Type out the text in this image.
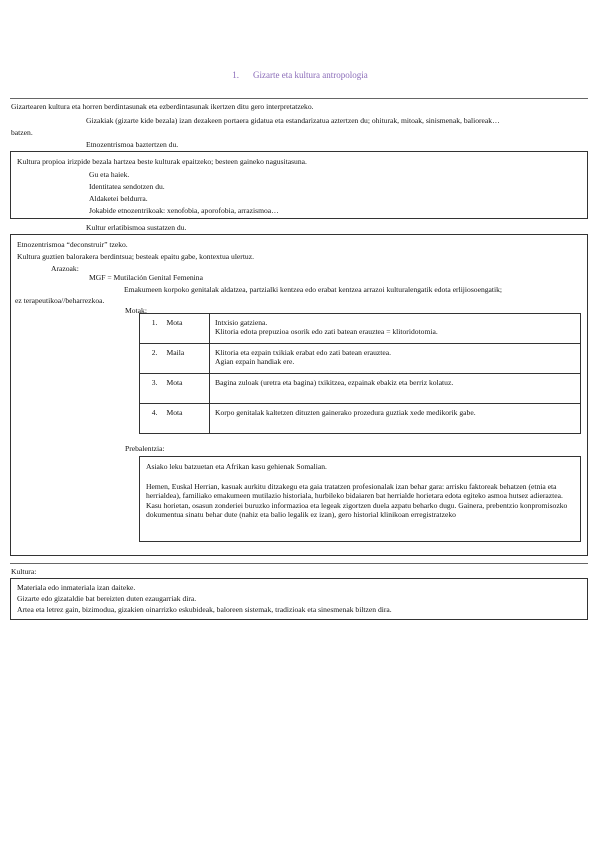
1. Gizarte eta kultura antropologia
Gizartearen kultura eta horren berdintasunak eta ezberdintasunak ikertzen ditu gero interpretatzeko.
Gizakiak (gizarte kide bezala) izan dezakeen portaera gidatua eta estandarizatua aztertzen du; ohiturak, mitoak, sinismenak, balioreak…
batzen.
Etnozentrismoa baztertzen du.
Kultura propioa irizpide bezala hartzea beste kulturak epaitzeko; besteen gaineko nagusitasuna.
Gu eta haiek.
Identitatea sendotzen du.
Aldaketei beldurra.
Jokabide etnozentrikoak: xenofobia, aporofobia, arrazismoa…
Kultur erlatibismoa sustatzen du.
Etnozentrismoa “deconstruir” tzeko.
Kultura guztien balorakera berdintsua; besteak epaitu gabe, kontextua ulertuz.
Arazoak:
MGF = Mutilación Genital Femenina
Emakumeen korpoko genitalak aldatzea, partzialki kentzea edo erabat kentzea arrazoi kulturalengatik edota erlijiosoengatik;
ez terapeutikoa//beharrezkoa.
Motak:
Prebalentzia:
Asiako leku batzuetan eta Afrikan kasu gehienak Somalian.
Hemen, Euskal Herrian, kasuak aurkitu ditzakegu eta gaia tratatzen profesionalak izan behar gara: arrisku faktoreak behatzen (etnia eta herrialdea), familiako emakumeen mutilazio historiala, hurbileko bidaiaren bat herrialde horietara edota egiteko asmoa hutsez adieraztea. Kasu horietan, osasun zonderiei buruzko informazioa eta legeak zigortzen duela azpatu beharko dugu. Gainera, prebentzio konpromisozko dokumentua sinatu behar dute (nahiz eta balio legalik ez izan), gero historial klinikoan erregistratzeko
1.	Mota	Intxisio gatziena.
Klitoria edota prepuzioa osorik edo zati batean erauztea = klitoridotomia.
2.	Maila	Klitoria eta ezpain txikiak erabat edo zati batean erauztea.
Agian ezpain handiak ere.
3.	Mota	Bagina zuloak (uretra eta bagina) txikitzea, ezpainak ebakiz eta berriz kolatuz.
4.	Mota	Korpo genitalak kaltetzen dituzten gainerako prozedura guztiak xede medikorik gabe.
Kultura:
Materiala edo inmateriala izan daiteke.
Gizarte edo gizataldie bat bereizten duten ezaugarriak dira.
Artea eta letrez gain, bizimodua, gizakien oinarrizko eskubideak, baloreen sistemak, tradizioak eta sinesmenak biltzen dira.
